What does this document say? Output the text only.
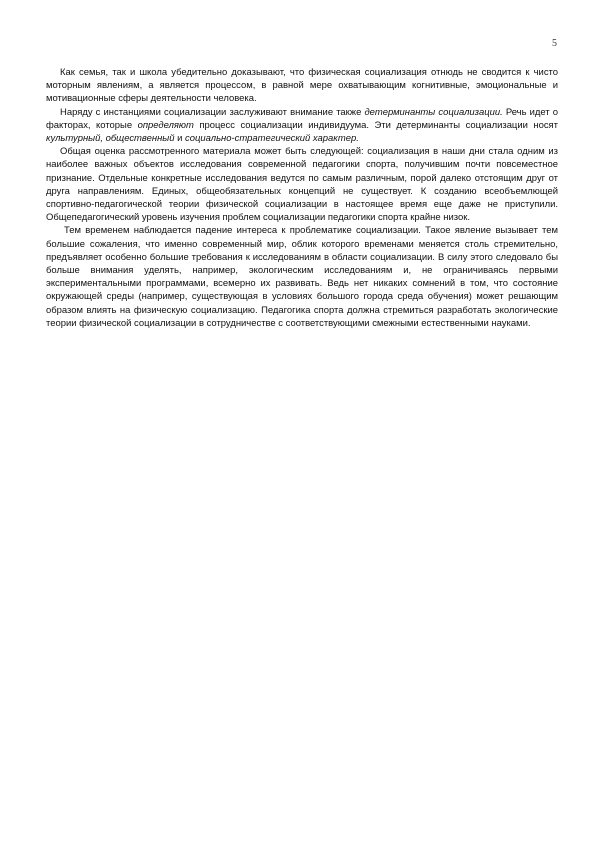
5

Как семья, так и школа убедительно доказывают, что физическая социализация отнюдь не сводится к чисто моторным явлениям, а является процессом, в равной мере охватывающим когнитивные, эмоциональные и мотивационные сферы деятельности человека.

Наряду с инстанциями социализации заслуживают внимание также детерминанты социализации. Речь идет о факторах, которые определяют процесс социализации индивидуума. Эти детерминанты социализации носят культурный, общественный и социально-стратегический характер.

Общая оценка рассмотренного материала может быть следующей: социализация в наши дни стала одним из наиболее важных объектов исследования современной педагогики спорта, получившим почти повсеместное признание. Отдельные конкретные исследования ведутся по самым различным, порой далеко отстоящим друг от друга направлениям. Единых, общеобязательных концепций не существует. К созданию всеобъемлющей спортивно-педагогической теории физической социализации в настоящее время еще даже не приступили. Общепедагогический уровень изучения проблем социализации педагогики спорта крайне низок.

Тем временем наблюдается падение интереса к проблематике социализации. Такое явление вызывает тем большие сожаления, что именно современный мир, облик которого временами меняется столь стремительно, предъявляет особенно большие требования к исследованиям в области социализации. В силу этого следовало бы больше внимания уделять, например, экологическим исследованиям и, не ограничиваясь первыми экспериментальными программами, всемерно их развивать. Ведь нет никаких сомнений в том, что состояние окружающей среды (например, существующая в условиях большого города среда обучения) может решающим образом влиять на физическую социализацию. Педагогика спорта должна стремиться разработать экологические теории физической социализации в сотрудничестве с соответствующими смежными естественными науками.
